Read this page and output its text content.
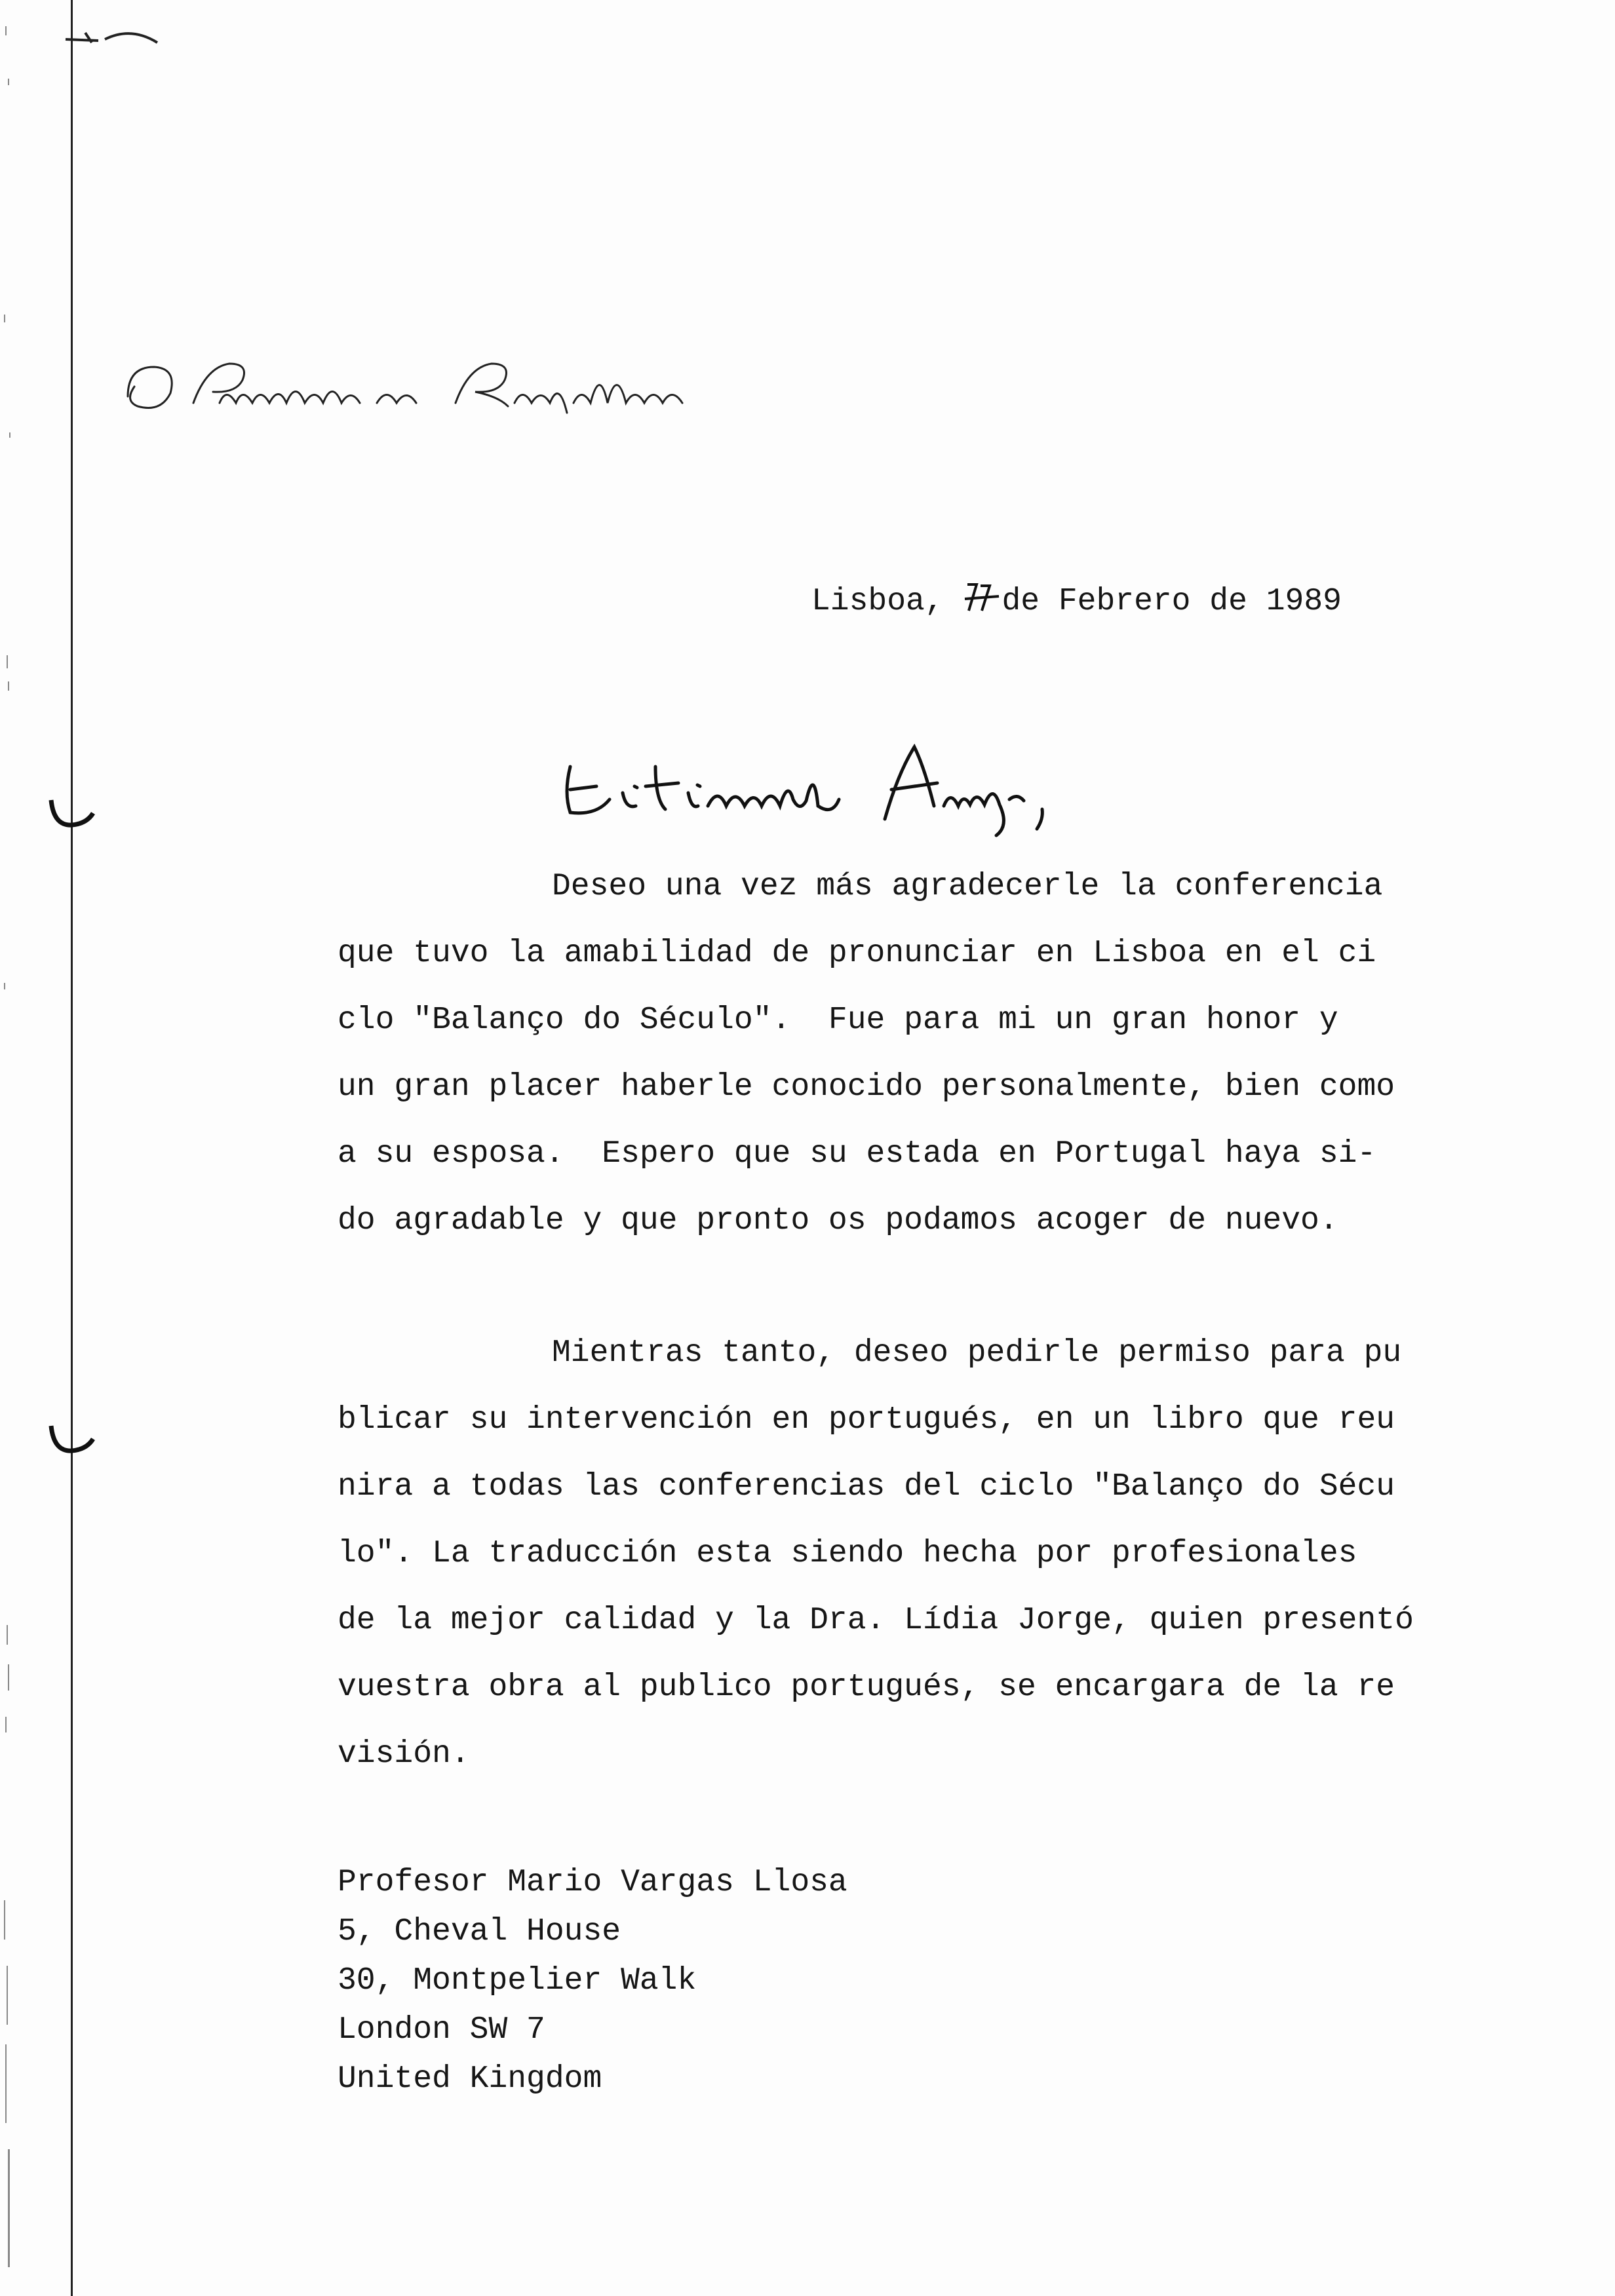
Lisboa, de Febrero de 1989
Deseo una vez más agradecerle la conferencia
que tuvo la amabilidad de pronunciar en Lisboa en el ci
clo "Balanço do Século".  Fue para mi un gran honor y
un gran placer haberle conocido personalmente, bien como
a su esposa.  Espero que su estada en Portugal haya si-
do agradable y que pronto os podamos acoger de nuevo.
Mientras tanto, deseo pedirle permiso para pu
blicar su intervención en portugués, en un libro que reu
nira a todas las conferencias del ciclo "Balanço do Sécu
lo". La traducción esta siendo hecha por profesionales
de la mejor calidad y la Dra. Lídia Jorge, quien presentó
vuestra obra al publico portugués, se encargara de la re
visión.
Profesor Mario Vargas Llosa
5, Cheval House
30, Montpelier Walk
London SW 7
United Kingdom
